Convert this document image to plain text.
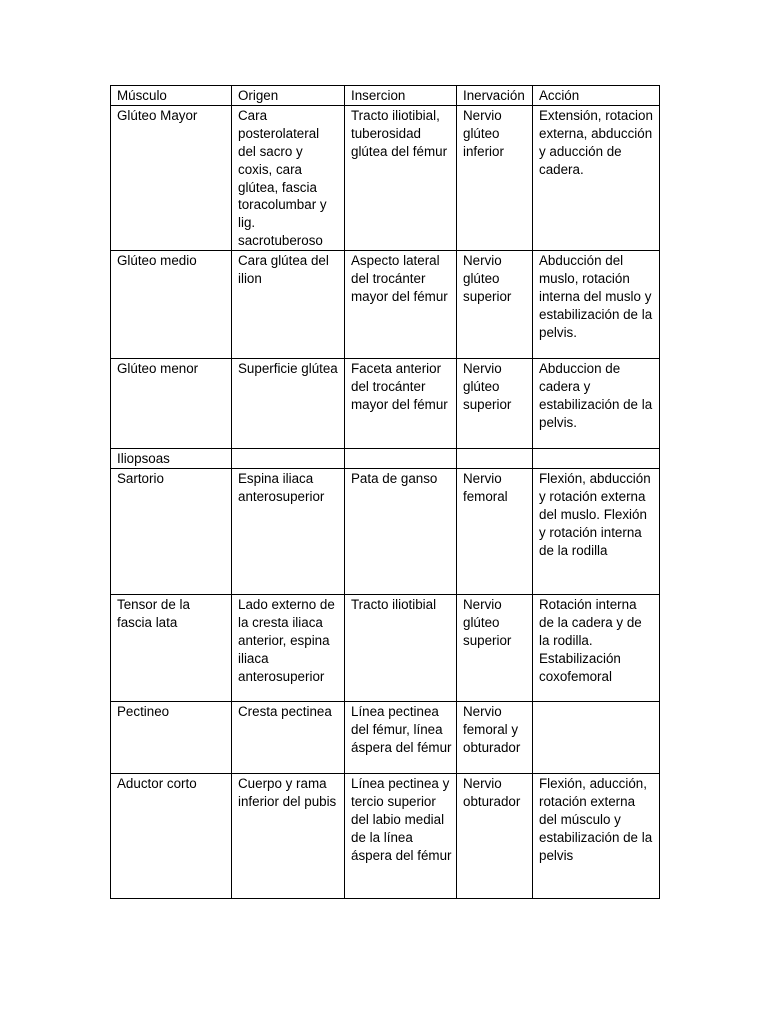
Músculo	Origen	Insercion	Inervación	Acción
Glúteo Mayor	Cara posterolateral del sacro y coxis, cara glútea, fascia toracolumbar y lig. sacrotuberoso	Tracto iliotibial, tuberosidad glútea del fémur	Nervio glúteo inferior	Extensión, rotacion externa, abducción y aducción de cadera.
Glúteo medio	Cara glútea del ilion	Aspecto lateral del trocánter mayor del fémur	Nervio glúteo superior	Abducción del muslo, rotación interna del muslo y estabilización de la pelvis.
Glúteo menor	Superficie glútea	Faceta anterior del trocánter mayor del fémur	Nervio glúteo superior	Abduccion de cadera y estabilización de la pelvis.
Iliopsoas				
Sartorio	Espina iliaca anterosuperior	Pata de ganso	Nervio femoral	Flexión, abducción y rotación externa del muslo. Flexión y rotación interna de la rodilla
Tensor de la fascia lata	Lado externo de la cresta iliaca anterior, espina iliaca anterosuperior	Tracto iliotibial	Nervio glúteo superior	Rotación interna de la cadera y de la rodilla. Estabilización coxofemoral
Pectineo	Cresta pectinea	Línea pectinea del fémur, línea áspera del fémur	Nervio femoral y obturador	
Aductor corto	Cuerpo y rama inferior del pubis	Línea pectinea y tercio superior del labio medial de la línea áspera del fémur	Nervio obturador	Flexión, aducción, rotación externa del músculo y estabilización de la pelvis
